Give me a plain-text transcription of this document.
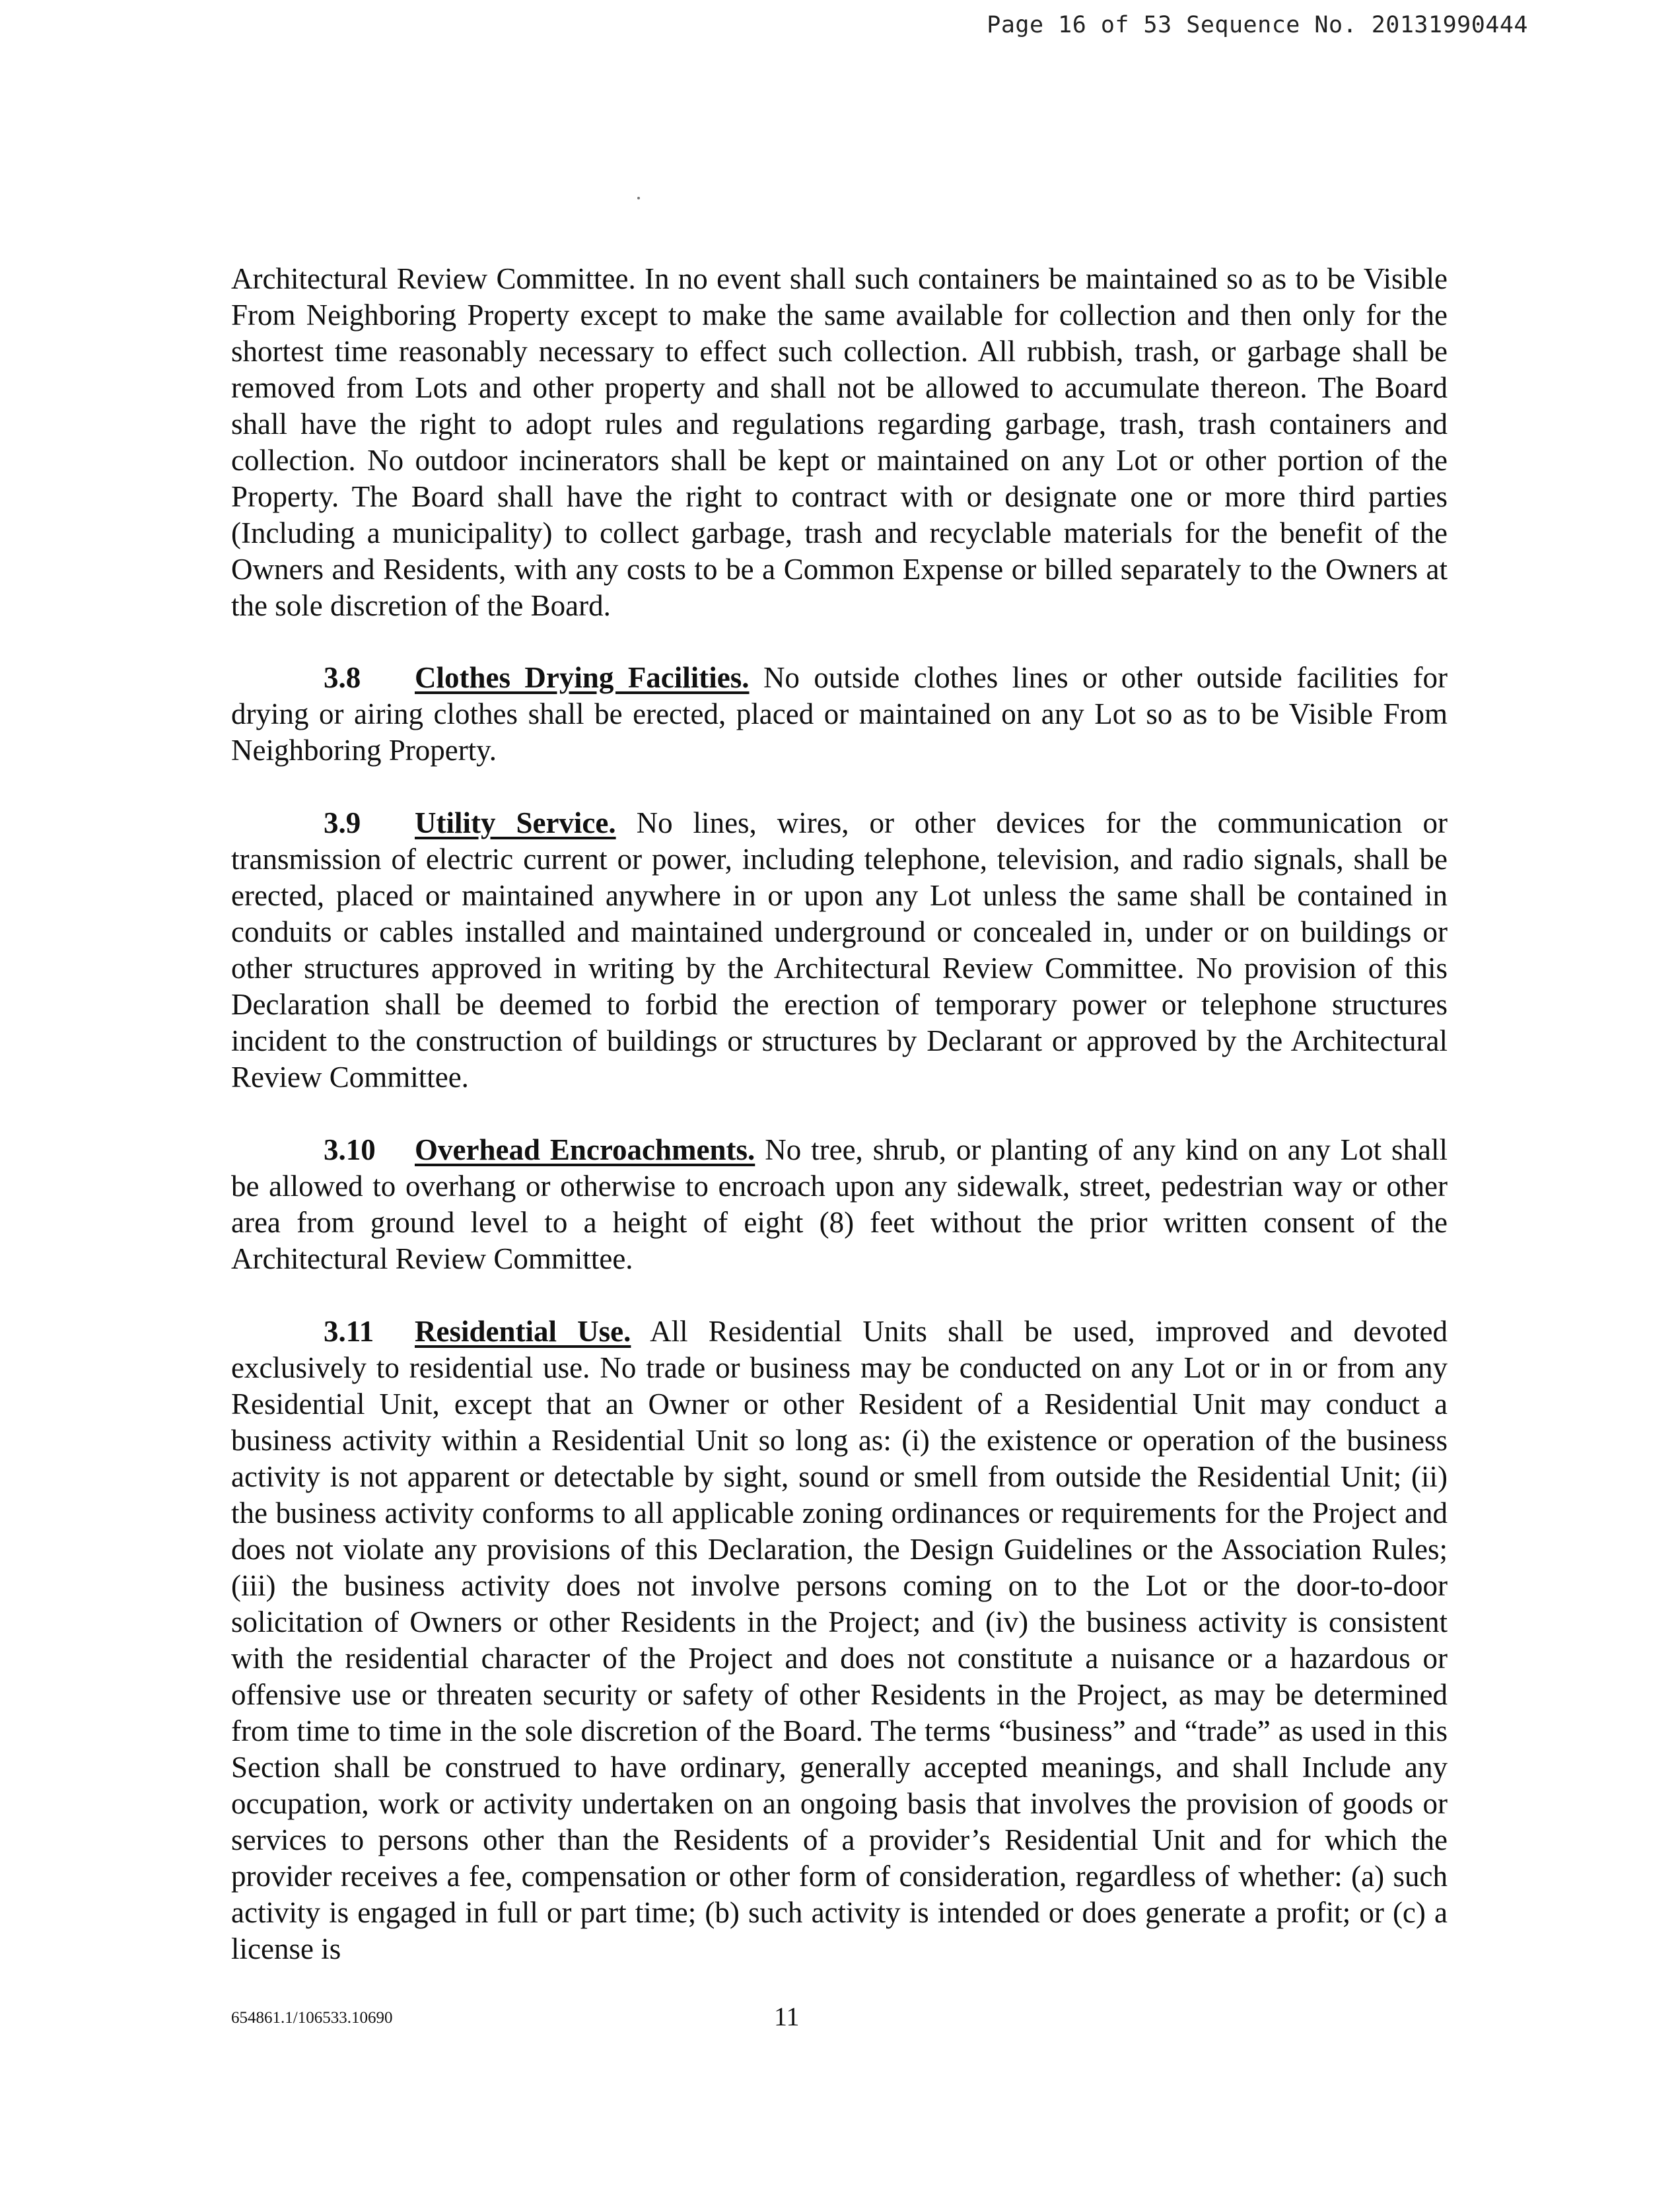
Page 16 of 53 Sequence No. 20131990444

Architectural Review Committee. In no event shall such containers be maintained so as to be Visible From Neighboring Property except to make the same available for collection and then only for the shortest time reasonably necessary to effect such collection. All rubbish, trash, or garbage shall be removed from Lots and other property and shall not be allowed to accumulate thereon. The Board shall have the right to adopt rules and regulations regarding garbage, trash, trash containers and collection. No outdoor incinerators shall be kept or maintained on any Lot or other portion of the Property. The Board shall have the right to contract with or designate one or more third parties (Including a municipality) to collect garbage, trash and recyclable materials for the benefit of the Owners and Residents, with any costs to be a Common Expense or billed separately to the Owners at the sole discretion of the Board.

3.8 Clothes Drying Facilities. No outside clothes lines or other outside facilities for drying or airing clothes shall be erected, placed or maintained on any Lot so as to be Visible From Neighboring Property.

3.9 Utility Service. No lines, wires, or other devices for the communication or transmission of electric current or power, including telephone, television, and radio signals, shall be erected, placed or maintained anywhere in or upon any Lot unless the same shall be contained in conduits or cables installed and maintained underground or concealed in, under or on buildings or other structures approved in writing by the Architectural Review Committee. No provision of this Declaration shall be deemed to forbid the erection of temporary power or telephone structures incident to the construction of buildings or structures by Declarant or approved by the Architectural Review Committee.

3.10 Overhead Encroachments. No tree, shrub, or planting of any kind on any Lot shall be allowed to overhang or otherwise to encroach upon any sidewalk, street, pedestrian way or other area from ground level to a height of eight (8) feet without the prior written consent of the Architectural Review Committee.

3.11 Residential Use. All Residential Units shall be used, improved and devoted exclusively to residential use. No trade or business may be conducted on any Lot or in or from any Residential Unit, except that an Owner or other Resident of a Residential Unit may conduct a business activity within a Residential Unit so long as: (i) the existence or operation of the business activity is not apparent or detectable by sight, sound or smell from outside the Residential Unit; (ii) the business activity conforms to all applicable zoning ordinances or requirements for the Project and does not violate any provisions of this Declaration, the Design Guidelines or the Association Rules; (iii) the business activity does not involve persons coming on to the Lot or the door-to-door solicitation of Owners or other Residents in the Project; and (iv) the business activity is consistent with the residential character of the Project and does not constitute a nuisance or a hazardous or offensive use or threaten security or safety of other Residents in the Project, as may be determined from time to time in the sole discretion of the Board. The terms “business” and “trade” as used in this Section shall be construed to have ordinary, generally accepted meanings, and shall Include any occupation, work or activity undertaken on an ongoing basis that involves the provision of goods or services to persons other than the Residents of a provider’s Residential Unit and for which the provider receives a fee, compensation or other form of consideration, regardless of whether: (a) such activity is engaged in full or part time; (b) such activity is intended or does generate a profit; or (c) a license is

654861.1/106533.10690	11
